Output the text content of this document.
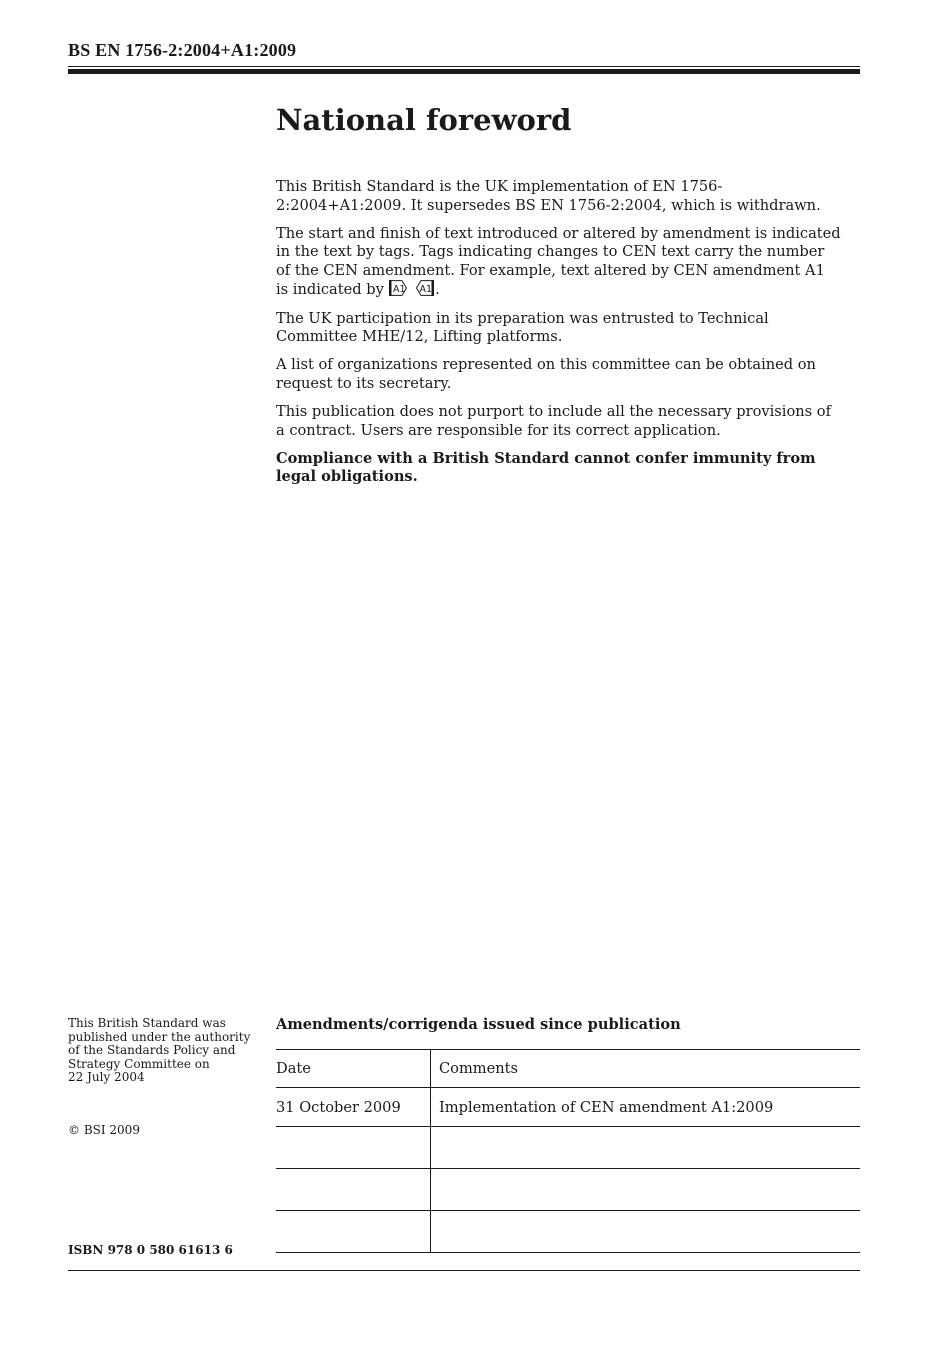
BS EN 1756-2:2004+A1:2009
National foreword

This British Standard is the UK implementation of EN 1756-2:2004+A1:2009. It supersedes BS EN 1756-2:2004, which is withdrawn.

The start and finish of text introduced or altered by amendment is indicated in the text by tags. Tags indicating changes to CEN text carry the number of the CEN amendment. For example, text altered by CEN amendment A1 is indicated by A1
A1 .

The UK participation in its preparation was entrusted to Technical Committee MHE/12, Lifting platforms.

A list of organizations represented on this committee can be obtained on request to its secretary.

This publication does not purport to include all the necessary provisions of a contract. Users are responsible for its correct application.

Compliance with a British Standard cannot confer immunity from legal obligations.

This British Standard was
published under the authority
of the Standards Policy and
Strategy Committee on
22 July 2004
© BSI 2009
ISBN 978 0 580 61613 6
Amendments/corrigenda issued since publication
Date	Comments
31 October 2009	Implementation of CEN amendment A1:2009
